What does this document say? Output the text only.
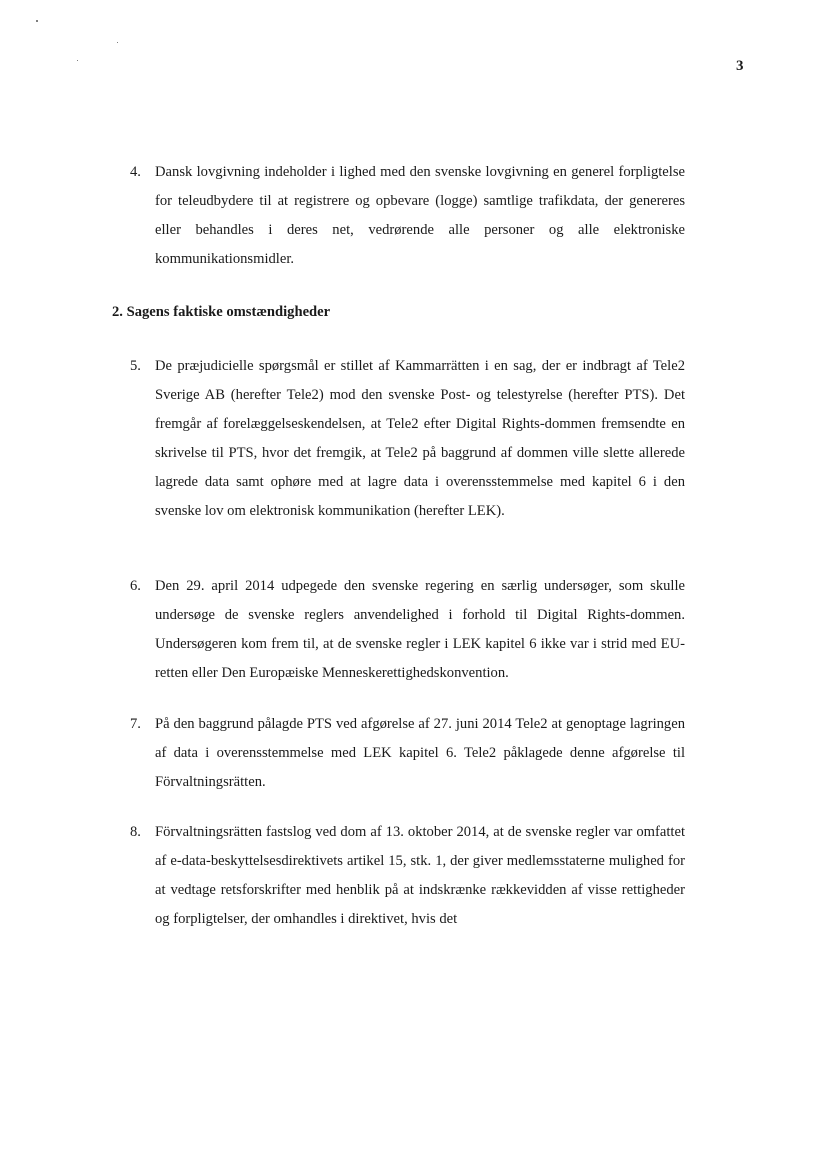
3
4. Dansk lovgivning indeholder i lighed med den svenske lovgivning en generel forpligtelse for teleudbydere til at registrere og opbevare (logge) samtlige trafikdata, der genereres eller behandles i deres net, vedrørende alle personer og alle elektroniske kommunikationsmidler.
2. Sagens faktiske omstændigheder
5. De præjudicielle spørgsmål er stillet af Kammarrätten i en sag, der er indbragt af Tele2 Sverige AB (herefter Tele2) mod den svenske Post- og telestyrelse (herefter PTS). Det fremgår af forelæggelseskendelsen, at Tele2 efter Digital Rights-dommen fremsendte en skrivelse til PTS, hvor det fremgik, at Tele2 på baggrund af dommen ville slette allerede lagrede data samt ophøre med at lagre data i overensstemmelse med kapitel 6 i den svenske lov om elektronisk kommunikation (herefter LEK).
6. Den 29. april 2014 udpegede den svenske regering en særlig undersøger, som skulle undersøge de svenske reglers anvendelighed i forhold til Digital Rights-dommen. Undersøgeren kom frem til, at de svenske regler i LEK kapitel 6 ikke var i strid med EU-retten eller Den Europæiske Menneskerettighedskonvention.
7. På den baggrund pålagde PTS ved afgørelse af 27. juni 2014 Tele2 at genoptage lagringen af data i overensstemmelse med LEK kapitel 6. Tele2 påklagede denne afgørelse til Förvaltningsrätten.
8. Förvaltningsrätten fastslog ved dom af 13. oktober 2014, at de svenske regler var omfattet af e-data-beskyttelsesdirektivets artikel 15, stk. 1, der giver medlemsstaterne mulighed for at vedtage retsforskrifter med henblik på at indskrænke rækkevidden af visse rettigheder og forpligtelser, der omhandles i direktivet, hvis det
